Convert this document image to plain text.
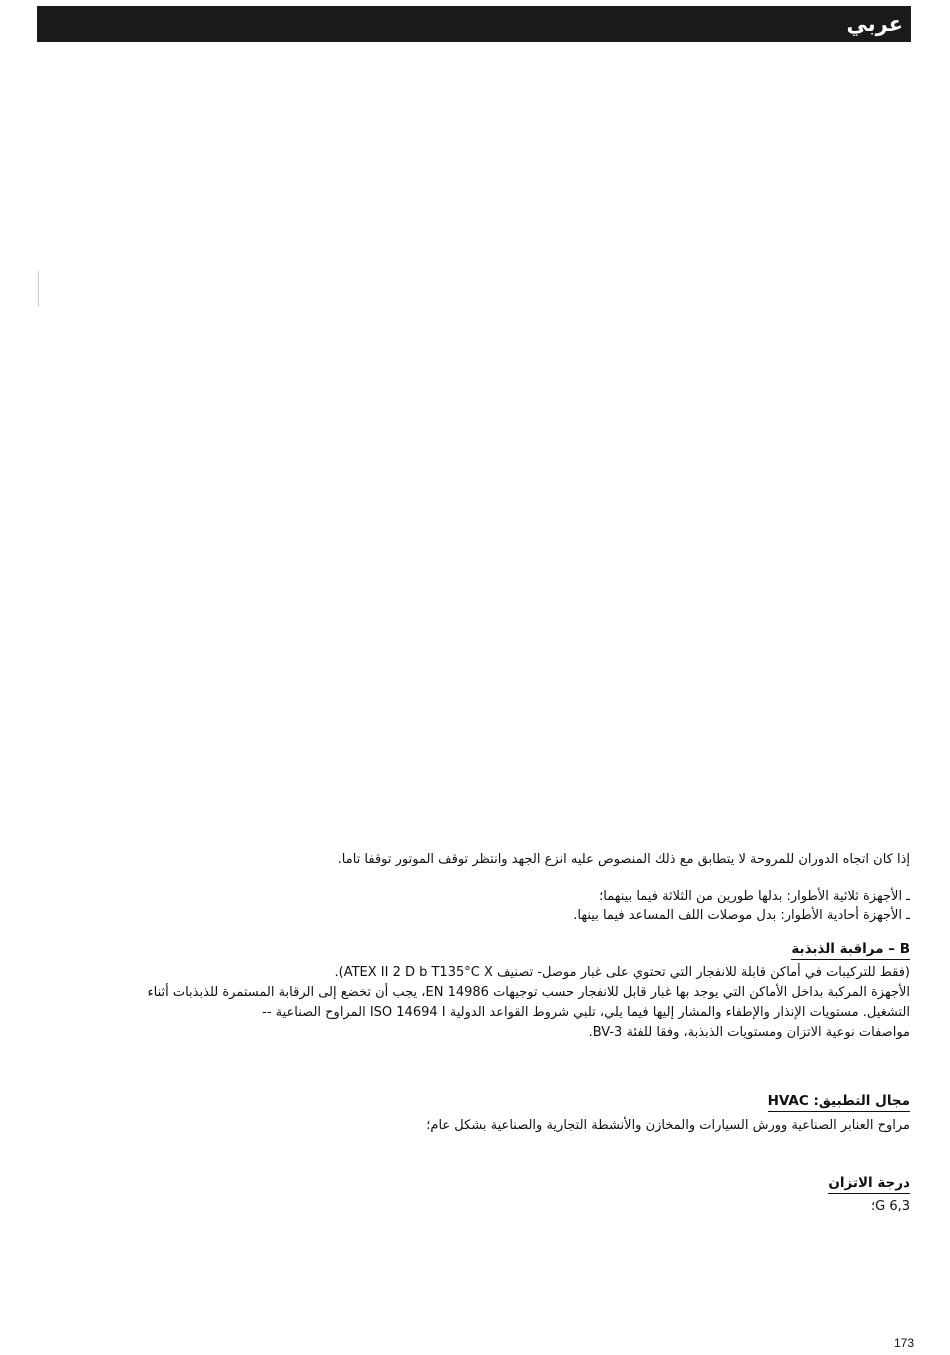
عربي
إذا كان اتجاه الدوران للمروحة لا يتطابق مع ذلك المنصوص عليه انزع الجهد وانتظر توقف الموتور توقفا تاما.
ـ الأجهزة ثلاثية الأطوار: بدلها طورين من الثلاثة فيما بينهما؛
ـ الأجهزة أحادية الأطوار: بدل موصلات اللف المساعد فيما بينها.
B – مراقبة الذبذبة
(فقط للتركيبات في أماكن قابلة للانفجار التي تحتوي على غبار موصل- تصنيف ATEX II 2 D b T135°C X).
الأجهزة المركبة بداخل الأماكن التي يوجد بها غبار قابل للانفجار حسب توجيهات EN 14986، يجب أن تخضع إلى الرقابة المستمرة للذبذبات أثناء
التشغيل. مستويات الإنذار والإطفاء والمشار إليها فيما يلي، تلبي شروط القواعد الدولية ISO 14694 I المراوح الصناعية --
مواصفات نوعية الاتزان ومستويات الذبذبة، وفقا للفئة BV-3.
مجال التطبيق: HVAC
مراوح العنابر الصناعية وورش السيارات والمخازن والأنشطة التجارية والصناعية بشكل عام؛
درجة الاتزان
G 6,3؛
173
